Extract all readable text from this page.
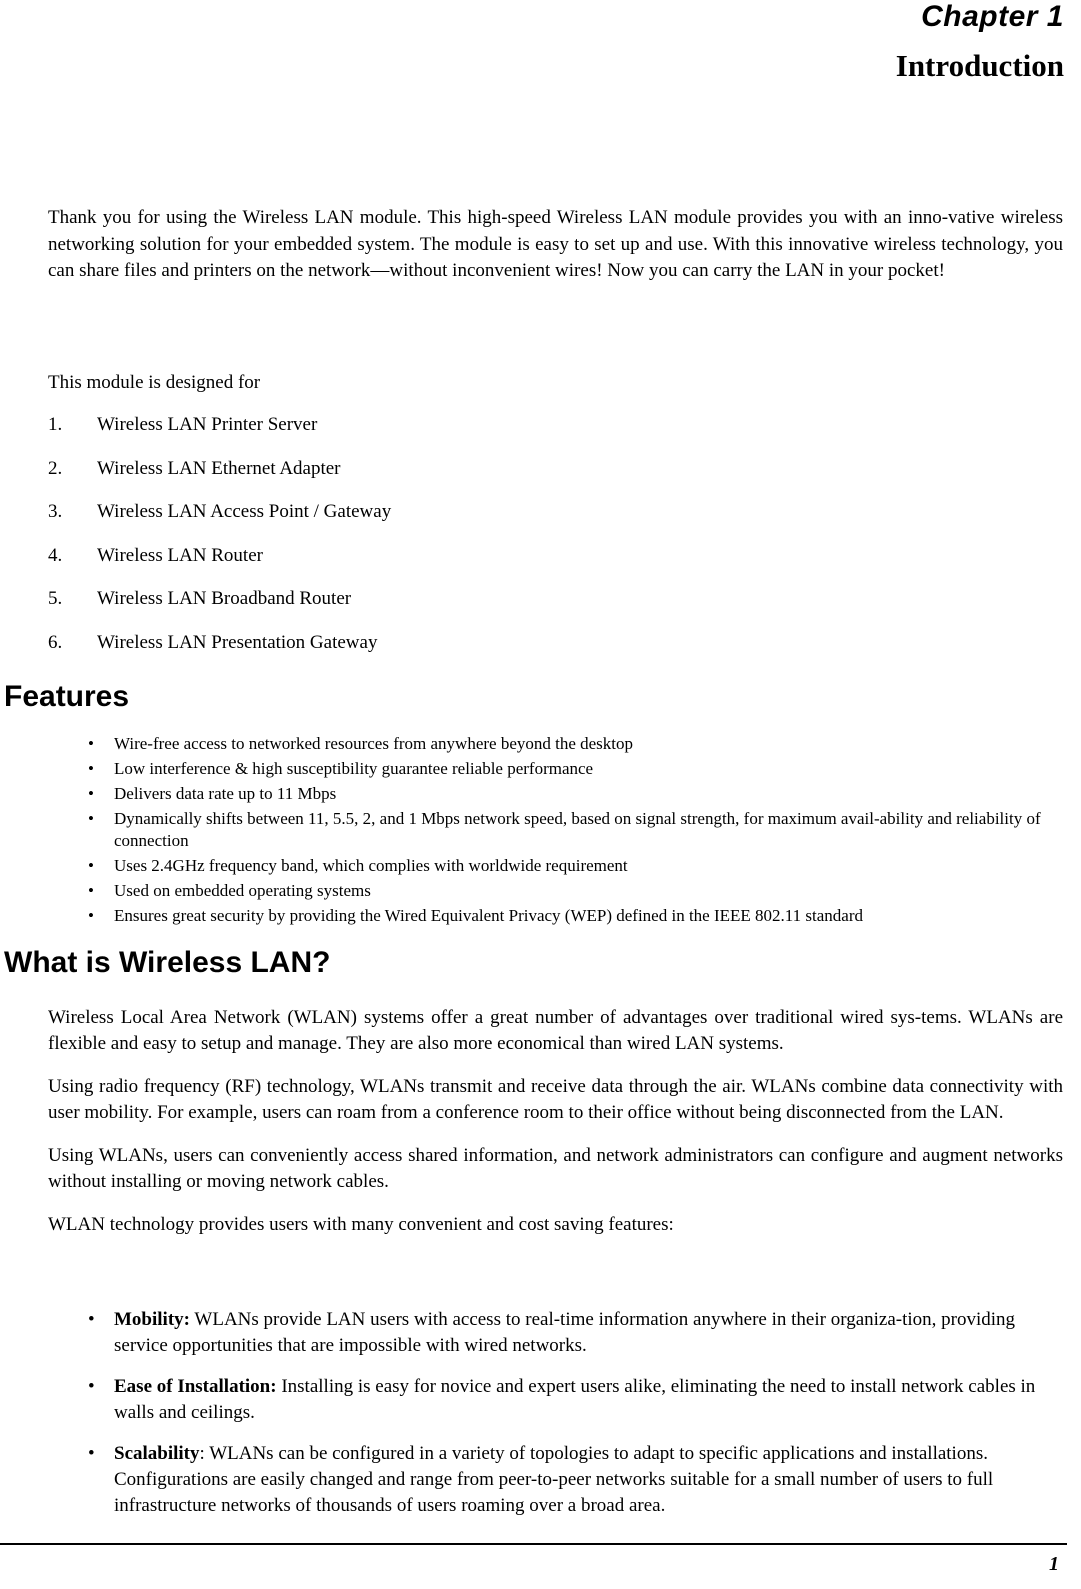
Chapter 1
Introduction

Thank you for using the Wireless LAN module. This high-speed Wireless LAN module provides you with an inno-vative wireless networking solution for your embedded system. The module is easy to set up and use. With this innovative wireless technology, you can share files and printers on the network—without inconvenient wires! Now you can carry the LAN in your pocket!

This module is designed for

1.	Wireless LAN Printer Server
2.	Wireless LAN Ethernet Adapter
3.	Wireless LAN Access Point / Gateway
4.	Wireless LAN Router
5.	Wireless LAN Broadband Router
6.	Wireless LAN Presentation Gateway
Features
• Wire-free access to networked resources from anywhere beyond the desktop
• Low interference & high susceptibility guarantee reliable performance
• Delivers data rate up to 11 Mbps
• Dynamically shifts between 11, 5.5, 2, and 1 Mbps network speed, based on signal strength, for maximum avail-ability and reliability of connection
• Uses 2.4GHz frequency band, which complies with worldwide requirement
• Used on embedded operating systems
• Ensures great security by providing the Wired Equivalent Privacy (WEP) defined in the IEEE 802.11 standard
What is Wireless LAN?

Wireless Local Area Network (WLAN) systems offer a great number of advantages over traditional wired sys-tems. WLANs are flexible and easy to setup and manage. They are also more economical than wired LAN systems.

Using radio frequency (RF) technology, WLANs transmit and receive data through the air. WLANs combine data connectivity with user mobility. For example, users can roam from a conference room to their office without being disconnected from the LAN.

Using WLANs, users can conveniently access shared information, and network administrators can configure and augment networks without installing or moving network cables.

WLAN technology provides users with many convenient and cost saving features:

• Mobility: WLANs provide LAN users with access to real-time information anywhere in their organiza-tion, providing service opportunities that are impossible with wired networks.
• Ease of Installation: Installing is easy for novice and expert users alike, eliminating the need to install network cables in walls and ceilings.
• Scalability: WLANs can be configured in a variety of topologies to adapt to specific applications and installations. Configurations are easily changed and range from peer-to-peer networks suitable for a small number of users to full infrastructure networks of thousands of users roaming over a broad area.
1
